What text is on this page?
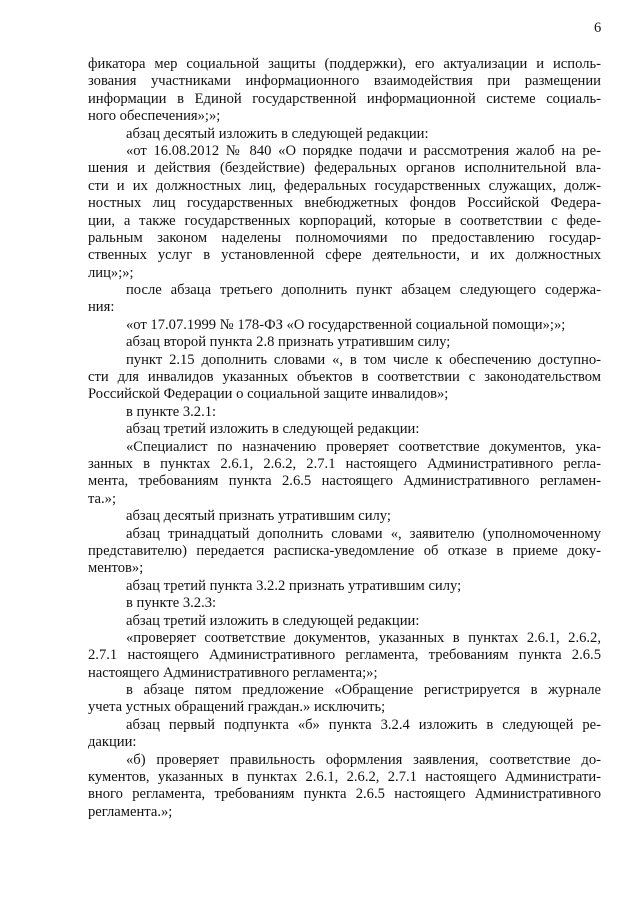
6
фикатора мер социальной защиты (поддержки), его актуализации и исполь-
зования участниками информационного взаимодействия при размещении
информации в Единой государственной информационной системе социаль-
ного обеспечения»;»;
абзац десятый изложить в следующей редакции:
«от 16.08.2012 № 840 «О порядке подачи и рассмотрения жалоб на ре-
шения и действия (бездействие) федеральных органов исполнительной вла-
сти и их должностных лиц, федеральных государственных служащих, долж-
ностных лиц государственных внебюджетных фондов Российской Федера-
ции, а также государственных корпораций, которые в соответствии с феде-
ральным законом наделены полномочиями по предоставлению государ-
ственных услуг в установленной сфере деятельности, и их должностных
лиц»;»;
после абзаца третьего дополнить пункт абзацем следующего содержа-
ния:
«от 17.07.1999 № 178-ФЗ «О государственной социальной помощи»;»;
абзац второй пункта 2.8 признать утратившим силу;
пункт 2.15 дополнить словами «, в том числе к обеспечению доступно-
сти для инвалидов указанных объектов в соответствии с законодательством
Российской Федерации о социальной защите инвалидов»;
в пункте 3.2.1:
абзац третий изложить в следующей редакции:
«Специалист по назначению проверяет соответствие документов, ука-
занных в пунктах 2.6.1, 2.6.2, 2.7.1 настоящего Административного регла-
мента, требованиям пункта 2.6.5 настоящего Административного регламен-
та.»;
абзац десятый признать утратившим силу;
абзац тринадцатый дополнить словами «, заявителю (уполномоченному
представителю) передается расписка-уведомление об отказе в приеме доку-
ментов»;
абзац третий пункта 3.2.2 признать утратившим силу;
в пункте 3.2.3:
абзац третий изложить в следующей редакции:
«проверяет соответствие документов, указанных в пунктах 2.6.1, 2.6.2,
2.7.1 настоящего Административного регламента, требованиям пункта 2.6.5
настоящего Административного регламента;»;
в абзаце пятом предложение «Обращение регистрируется в журнале
учета устных обращений граждан.» исключить;
абзац первый подпункта «б» пункта 3.2.4 изложить в следующей ре-
дакции:
«б) проверяет правильность оформления заявления, соответствие до-
кументов, указанных в пунктах 2.6.1, 2.6.2, 2.7.1 настоящего Администрати-
вного регламента, требованиям пункта 2.6.5 настоящего Административного
регламента.»;
